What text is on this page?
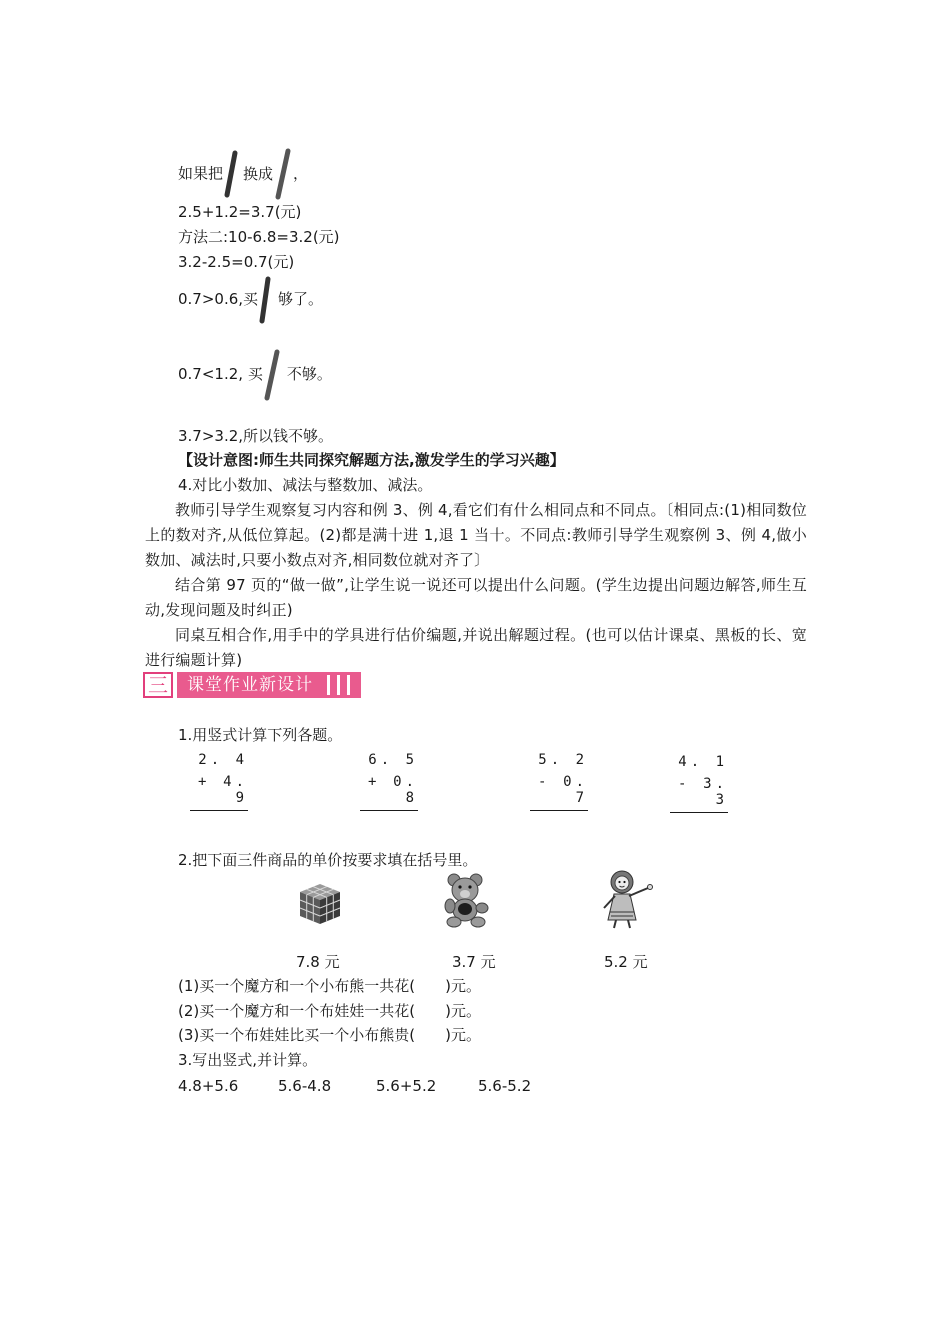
如果把 换成 ，
2.5+1.2=3.7(元)
方法二:10-6.8=3.2(元)
3.2-2.5=0.7(元)
0.7>0.6,买 够了。
0.7<1.2, 买 不够。
3.7>3.2,所以钱不够。
【设计意图:师生共同探究解题方法,激发学生的学习兴趣】
4.对比小数加、减法与整数加、减法。
教师引导学生观察复习内容和例 3、例 4,看它们有什么相同点和不同点。〔相同点:(1)相同数位上的数对齐,从低位算起。(2)都是满十进 1,退 1 当十。不同点:教师引导学生观察例 3、例 4,做小数加、减法时,只要小数点对齐,相同数位就对齐了〕
结合第 97 页的“做一做”,让学生说一说还可以提出什么问题。(学生边提出问题边解答,师生互动,发现问题及时纠正)
同桌互相合作,用手中的学具进行估价编题,并说出解题过程。(也可以估计课桌、黑板的长、宽进行编题计算)
三 课堂作业新设计
1.用竖式计算下列各题。
2. 4
+ 4. 9
6. 5
+ 0. 8
5. 2
- 0. 7
4. 1
- 3. 3
2.把下面三件商品的单价按要求填在括号里。
7.8 元	3.7 元	5.2 元
(1)买一个魔方和一个小布熊一共花(　　)元。
(2)买一个魔方和一个布娃娃一共花(　　)元。
(3)买一个布娃娃比买一个小布熊贵(　　)元。
3.写出竖式,并计算。
4.8+5.6	5.6-4.8	5.6+5.2	5.6-5.2
